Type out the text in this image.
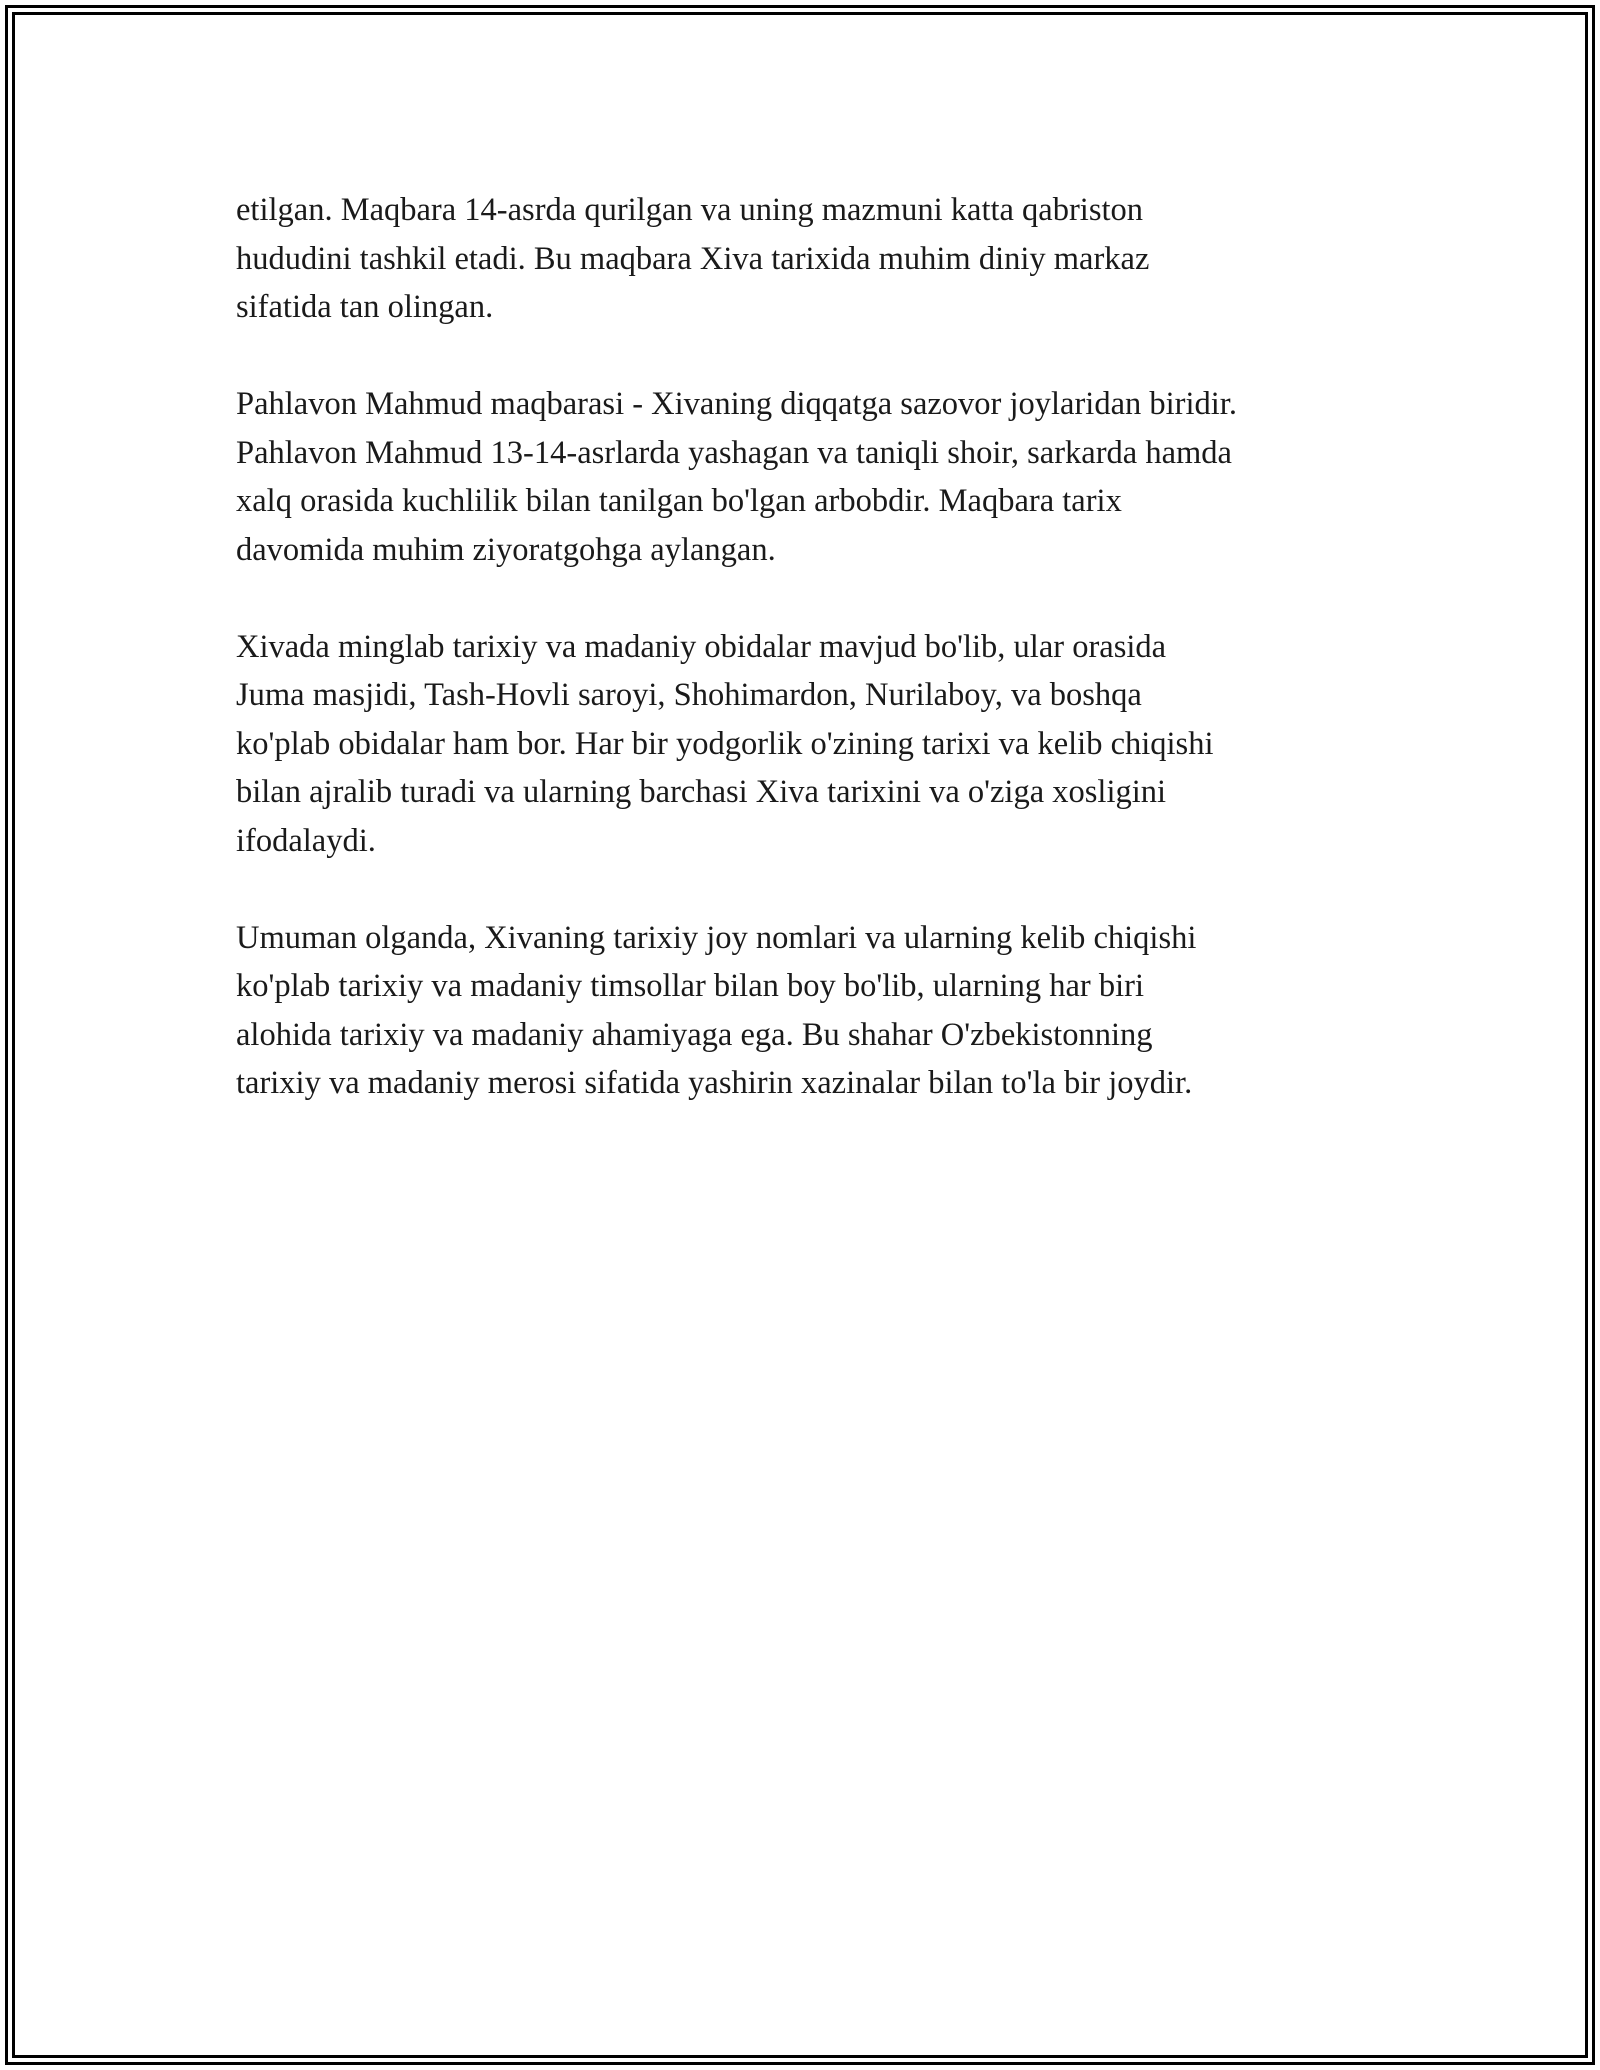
etilgan. Maqbara 14-asrda qurilgan va uning mazmuni katta qabriston
hududini tashkil etadi. Bu maqbara Xiva tarixida muhim diniy markaz
sifatida tan olingan.

Pahlavon Mahmud maqbarasi - Xivaning diqqatga sazovor joylaridan biridir.
Pahlavon Mahmud 13-14-asrlarda yashagan va taniqli shoir, sarkarda hamda
xalq orasida kuchlilik bilan tanilgan bo'lgan arbobdir. Maqbara tarix
davomida muhim ziyoratgohga aylangan.

Xivada minglab tarixiy va madaniy obidalar mavjud bo'lib, ular orasida
Juma masjidi, Tash-Hovli saroyi, Shohimardon, Nurilaboy, va boshqa
ko'plab obidalar ham bor. Har bir yodgorlik o'zining tarixi va kelib chiqishi
bilan ajralib turadi va ularning barchasi Xiva tarixini va o'ziga xosligini
ifodalaydi.

Umuman olganda, Xivaning tarixiy joy nomlari va ularning kelib chiqishi
ko'plab tarixiy va madaniy timsollar bilan boy bo'lib, ularning har biri
alohida tarixiy va madaniy ahamiyaga ega. Bu shahar O'zbekistonning
tarixiy va madaniy merosi sifatida yashirin xazinalar bilan to'la bir joydir.
